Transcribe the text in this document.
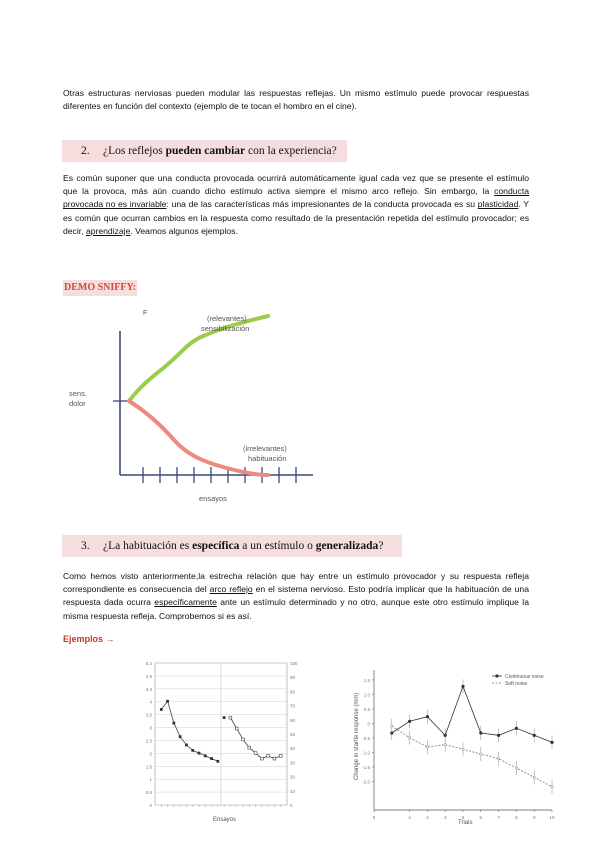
Otras estructuras nerviosas pueden modular las respuestas reflejas. Un mismo estímulo puede provocar respuestas diferentes en función del contexto (ejemplo de te tocan el hombro en el cine).

2. ¿Los reflejos pueden cambiar con la experiencia?

Es común suponer que una conducta provocada ocurrirá automáticamente igual cada vez que se presente el estímulo que la provoca, más aún cuando dicho estímulo activa siempre el mismo arco reflejo. Sin embargo, la conducta provocada no es invariable: una de las características más impresionantes de la conducta provocada es su plasticidad. Y es común que ocurran cambios en la respuesta como resultado de la presentación repetida del estímulo provocador; es decir, aprendizaje. Veamos algunos ejemplos.

DEMO SNIFFY:
F
sens.
dolor
ensayos
(relevantes)
sensibilización
(irrelevantes)
habituación
3. ¿La habituación es específica a un estímulo o generalizada?

Como hemos visto anteriormente,la estrecha relación que hay entre un estímulo provocador y su respuesta refleja correspondiente es consecuencia del arco reflejo en el sistema nervioso. Esto podría implicar que la habituación de una respuesta dada ocurra específicamente ante un estímulo determinado y no otro, aunque este otro estímulo implique la misma respuesta refleja. Comprobemos si es así.

Ejemplos →
5.2
4.8
4.4
4
3.5
3
2.5
2
1.5
1
0.5
0
100
90
80
70
60
50
40
30
20
10
0
Ensayos
1.5
1.0
0.5
0
-0.5
-1.0
-1.5
-2.0
0	2	3	4	5	6	7	8	9	10
Change in startle response (mm)
Trials
Continuous noise
Soft noise
